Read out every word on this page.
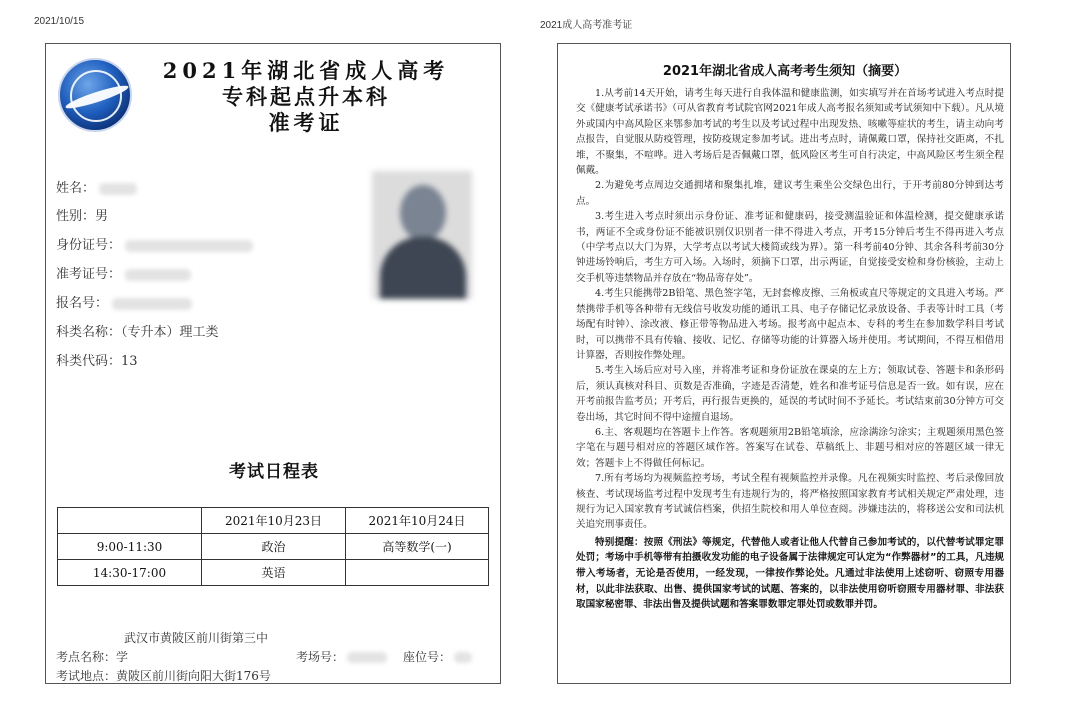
2021/10/15	2021成人高考准考证
2021年湖北省成人高考
专科起点升本科
准考证
姓名：
性别：男
身份证号：
准考证号：
报名号：
科类名称：（专升本）理工类
科类代码：13
考试日程表
	2021年10月23日	2021年10月24日
9:00-11:30	政治	高等数学(一)
14:30-17:00	英语	
武汉市黄陂区前川街第三中
考点名称：学	考场号：	座位号：
考试地点：黄陂区前川街向阳大街176号
2021年湖北省成人高考考生须知（摘要）

1.从考前14天开始，请考生每天进行自我体温和健康监测，如实填写并在首场考试进入考点时提交《健康考试承诺书》（可从省教育考试院官网2021年成人高考报名须知或考试须知中下载）。凡从境外或国内中高风险区来鄂参加考试的考生以及考试过程中出现发热、咳嗽等症状的考生，请主动向考点报告，自觉服从防疫管理，按防疫规定参加考试。进出考点时，请佩戴口罩，保持社交距离，不扎堆，不聚集，不喧哗。进入考场后是否佩戴口罩，低风险区考生可自行决定，中高风险区考生须全程佩戴。

2.为避免考点周边交通拥堵和聚集扎堆，建议考生乘坐公交绿色出行，于开考前80分钟到达考点。

3.考生进入考点时须出示身份证、准考证和健康码，接受测温验证和体温检测，提交健康承诺书，两证不全或身份证不能被识别仅识别者一律不得进入考点，开考15分钟后考生不得再进入考点（中学考点以大门为界，大学考点以考试大楼简或线为界）。第一科考前40分钟、其余各科考前30分钟进场铃响后，考生方可入场。入场时，须摘下口罩，出示两证，自觉接受安检和身份核验，主动上交手机等违禁物品并存放在“物品寄存处”。

4.考生只能携带2B铅笔、黑色签字笔，无封套橡皮擦、三角板或直尺等规定的文具进入考场。严禁携带手机等各种带有无线信号收发功能的通讯工具、电子存储记忆录放设备、手表等计时工具（考场配有时钟）、涂改液、修正带等物品进入考场。报考高中起点本、专科的考生在参加数学科目考试时，可以携带不具有传输、接收、记忆、存储等功能的计算器入场并使用。考试期间，不得互相借用计算器，否则按作弊处理。

5.考生入场后应对号入座，并将准考证和身份证放在课桌的左上方；领取试卷、答题卡和条形码后，须认真核对科目、页数是否准确，字迹是否清楚，姓名和准考证号信息是否一致。如有误，应在开考前报告监考员；开考后，再行报告更换的，延误的考试时间不予延长。考试结束前30分钟方可交卷出场，其它时间不得中途擅自退场。

6.主、客观题均在答题卡上作答。客观题须用2B铅笔填涂，应涂满涂匀涂实；主观题须用黑色签字笔在与题号相对应的答题区域作答。答案写在试卷、草稿纸上、非题号相对应的答题区域一律无效；答题卡上不得做任何标记。

7.所有考场均为视频监控考场，考试全程有视频监控并录像。凡在视频实时监控、考后录像回放核查、考试现场监考过程中发现考生有违规行为的，将严格按照国家教育考试相关规定严肃处理，违规行为记入国家教育考试诚信档案，供招生院校和用人单位查阅。涉嫌违法的，将移送公安和司法机关追究刑事责任。

特别提醒：按照《刑法》等规定，代替他人或者让他人代替自己参加考试的，以代替考试罪定罪处罚；考场中手机等带有拍摄收发功能的电子设备属于法律规定可认定为“作弊器材”的工具，凡违规带入考场者，无论是否使用，一经发现，一律按作弊论处。凡通过非法使用上述窃听、窃照专用器材，以此非法获取、出售、提供国家考试的试题、答案的，以非法使用窃听窃照专用器材罪、非法获取国家秘密罪、非法出售及提供试题和答案罪数罪定罪处罚或数罪并罚。
